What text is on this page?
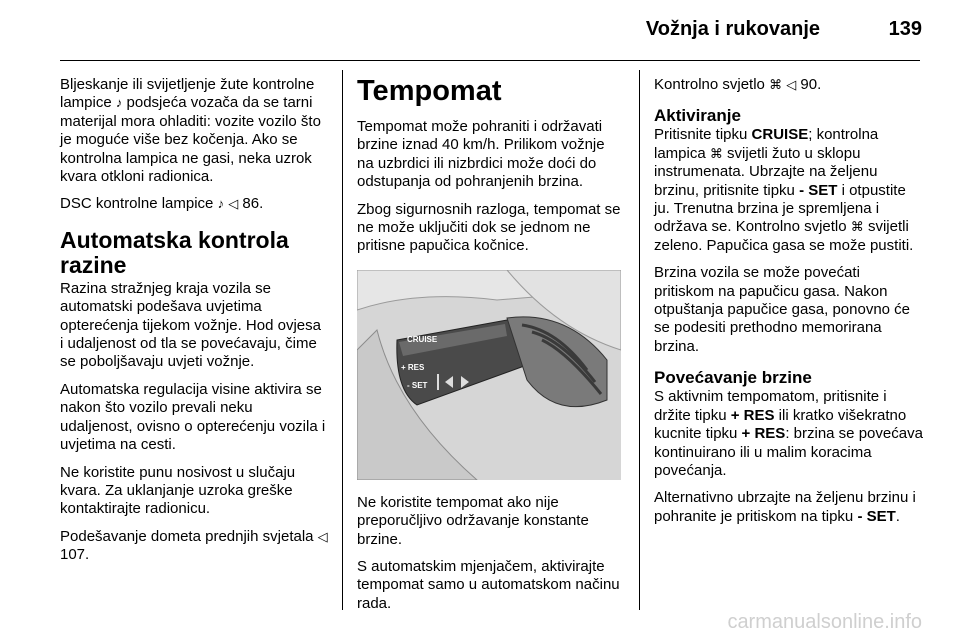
Vožnja i rukovanje	139

Bljeskanje ili svijetljenje žute kontrolne lampice ♪ podsjeća vozača da se tarni materijal mora ohladiti: vozite vozilo što je moguće više bez kočenja. Ako se kontrolna lampica ne gasi, neka uzrok kvara otkloni radionica.

DSC kontrolne lampice ♪ ◁ 86.

Automatska kontrola razine

Razina stražnjeg kraja vozila se automatski podešava uvjetima opterećenja tijekom vožnje. Hod ovjesa i udaljenost od tla se povećavaju, čime se poboljšavaju uvjeti vožnje.

Automatska regulacija visine aktivira se nakon što vozilo prevali neku udaljenost, ovisno o opterećenju vozila i uvjetima na cesti.

Ne koristite punu nosivost u slučaju kvara. Za uklanjanje uzroka greške kontaktirajte radionicu.

Podešavanje dometa prednjih svjetala ◁ 107.

Tempomat

Tempomat može pohraniti i održavati brzine iznad 40 km/h. Prilikom vožnje na uzbrdici ili nizbrdici može doći do odstupanja od pohranjenih brzina.

Zbog sigurnosnih razloga, tempomat se ne može uključiti dok se jednom ne pritisne papučica kočnice.

CRUISE
+ RES
- SET

Ne koristite tempomat ako nije preporučljivo održavanje konstante brzine.

S automatskim mjenjačem, aktivirajte tempomat samo u automatskom načinu rada.

Kontrolno svjetlo ⌘ ◁ 90.

Aktiviranje

Pritisnite tipku CRUISE; kontrolna lampica ⌘ svijetli žuto u sklopu instrumenata. Ubrzajte na željenu brzinu, pritisnite tipku - SET i otpustite ju. Trenutna brzina je spremljena i održava se. Kontrolno svjetlo ⌘ svijetli zeleno. Papučica gasa se može pustiti.

Brzina vozila se može povećati pritiskom na papučicu gasa. Nakon otpuštanja papučice gasa, ponovno će se podesiti prethodno memorirana brzina.

Povećavanje brzine

S aktivnim tempomatom, pritisnite i držite tipku + RES ili kratko višekratno kucnite tipku + RES: brzina se povećava kontinuirano ili u malim koracima povećanja.

Alternativno ubrzajte na željenu brzinu i pohranite je pritiskom na tipku - SET.

carmanualsonline.info
